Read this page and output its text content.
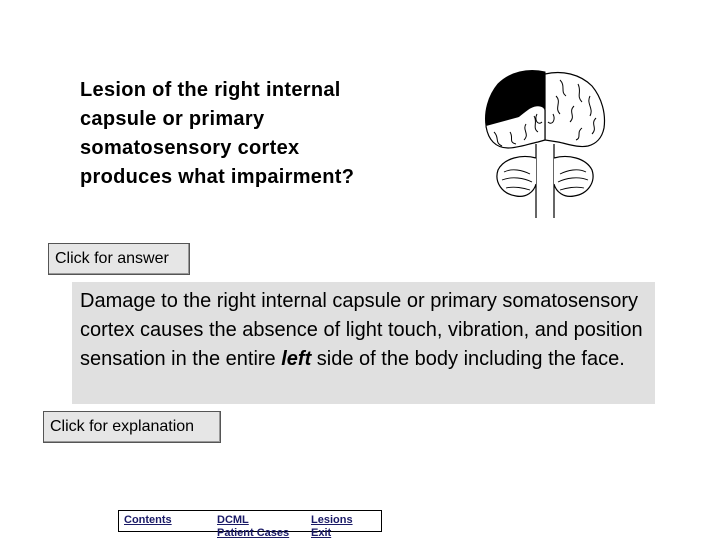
Lesion of the right internal
capsule or primary
somatosensory cortex
produces what impairment?
Click for answer

Damage to the right internal capsule or primary somatosensory cortex causes the absence of light touch, vibration, and position sensation in the entire left side of the body including the face.

Click for explanation
Contents	DCML
Patient Cases
Lesions
Exit
